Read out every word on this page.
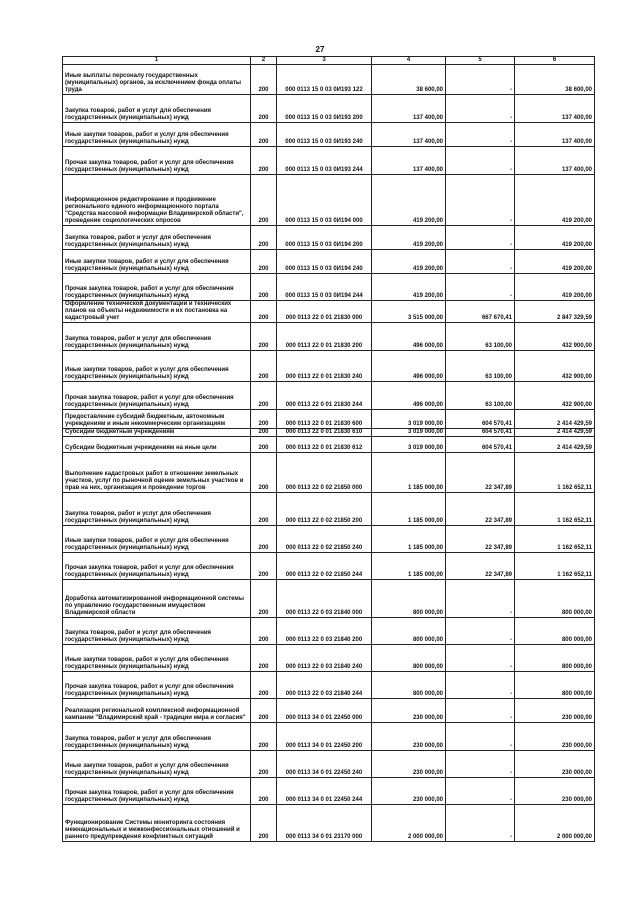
27
1	2	3	4	5	6
Иные выплаты персоналу государственных (муниципальных) органов, за исключением фонда оплаты труда	200	000 0113 15 0 03 0И193 122	38 600,00	-	38 600,00
Закупка товаров, работ и услуг для обеспечения государственных (муниципальных) нужд	200	000 0113 15 0 03 0И193 200	137 400,00	-	137 400,00
Иные закупки товаров, работ и услуг для обеспечения государственных (муниципальных) нужд	200	000 0113 15 0 03 0И193 240	137 400,00	-	137 400,00
Прочая закупка товаров, работ и услуг для обеспечения государственных (муниципальных) нужд	200	000 0113 15 0 03 0И193 244	137 400,00	-	137 400,00
Информационное редактирование и продвижение регионального единого информационного портала "Средства массовой информации Владимирской области", проведение социологических опросов	200	000 0113 15 0 03 0И194 000	419 200,00	-	419 200,00
Закупка товаров, работ и услуг для обеспечения государственных (муниципальных) нужд	200	000 0113 15 0 03 0И194 200	419 200,00	-	419 200,00
Иные закупки товаров, работ и услуг для обеспечения государственных (муниципальных) нужд	200	000 0113 15 0 03 0И194 240	419 200,00	-	419 200,00
Прочая закупка товаров, работ и услуг для обеспечения государственных (муниципальных) нужд	200	000 0113 15 0 03 0И194 244	419 200,00	-	419 200,00
Оформление технической документации и технических планов на объекты недвижимости и их постановка на кадастровый учет	200	000 0113 22 0 01 21830 000	3 515 000,00	667 670,41	2 847 329,59
Закупка товаров, работ и услуг для обеспечения государственных (муниципальных) нужд	200	000 0113 22 0 01 21830 200	496 000,00	63 100,00	432 900,00
Иные закупки товаров, работ и услуг для обеспечения государственных (муниципальных) нужд	200	000 0113 22 0 01 21830 240	496 000,00	63 100,00	432 900,00
Прочая закупка товаров, работ и услуг для обеспечения государственных (муниципальных) нужд	200	000 0113 22 0 01 21830 244	496 000,00	63 100,00	432 900,00
Предоставление субсидий бюджетным, автономным учреждениям и иным некоммерческим организациям	200	000 0113 22 0 01 21830 600	3 019 000,00	604 570,41	2 414 429,59
Субсидии бюджетным учреждениям	200	000 0113 22 0 01 21830 610	3 019 000,00	604 570,41	2 414 429,59
Субсидии бюджетным учреждениям на иные цели	200	000 0113 22 0 01 21830 612	3 019 000,00	604 570,41	2 414 429,59
Выполнение кадастровых работ в отношении земельных участков, услуг по рыночной оценке земельных участков и прав на них, организация и проведение торгов	200	000 0113 22 0 02 21850 000	1 185 000,00	22 347,89	1 162 652,11
Закупка товаров, работ и услуг для обеспечения государственных (муниципальных) нужд	200	000 0113 22 0 02 21850 200	1 185 000,00	22 347,89	1 162 652,11
Иные закупки товаров, работ и услуг для обеспечения государственных (муниципальных) нужд	200	000 0113 22 0 02 21850 240	1 185 000,00	22 347,89	1 162 652,11
Прочая закупка товаров, работ и услуг для обеспечения государственных (муниципальных) нужд	200	000 0113 22 0 02 21850 244	1 185 000,00	22 347,89	1 162 652,11
Доработка автоматизированной информационной системы по управлению государственным имуществом Владимирской области	200	000 0113 22 0 03 21840 000	800 000,00	-	800 000,00
Закупка товаров, работ и услуг для обеспечения государственных (муниципальных) нужд	200	000 0113 22 0 03 21840 200	800 000,00	-	800 000,00
Иные закупки товаров, работ и услуг для обеспечения государственных (муниципальных) нужд	200	000 0113 22 0 03 21840 240	800 000,00	-	800 000,00
Прочая закупка товаров, работ и услуг для обеспечения государственных (муниципальных) нужд	200	000 0113 22 0 03 21840 244	800 000,00	-	800 000,00
Реализация региональной комплексной информационной кампании "Владимирский край - традиции мира и согласия"	200	000 0113 34 0 01 22450 000	230 000,00	-	230 000,00
Закупка товаров, работ и услуг для обеспечения государственных (муниципальных) нужд	200	000 0113 34 0 01 22450 200	230 000,00	-	230 000,00
Иные закупки товаров, работ и услуг для обеспечения государственных (муниципальных) нужд	200	000 0113 34 0 01 22450 240	230 000,00	-	230 000,00
Прочая закупка товаров, работ и услуг для обеспечения государственных (муниципальных) нужд	200	000 0113 34 0 01 22450 244	230 000,00	-	230 000,00
Функционирование Системы мониторинга состояния межнациональных и межконфессиональных отношений и раннего предупреждения конфликтных ситуаций	200	000 0113 34 0 01 23170 000	2 000 000,00	-	2 000 000,00
